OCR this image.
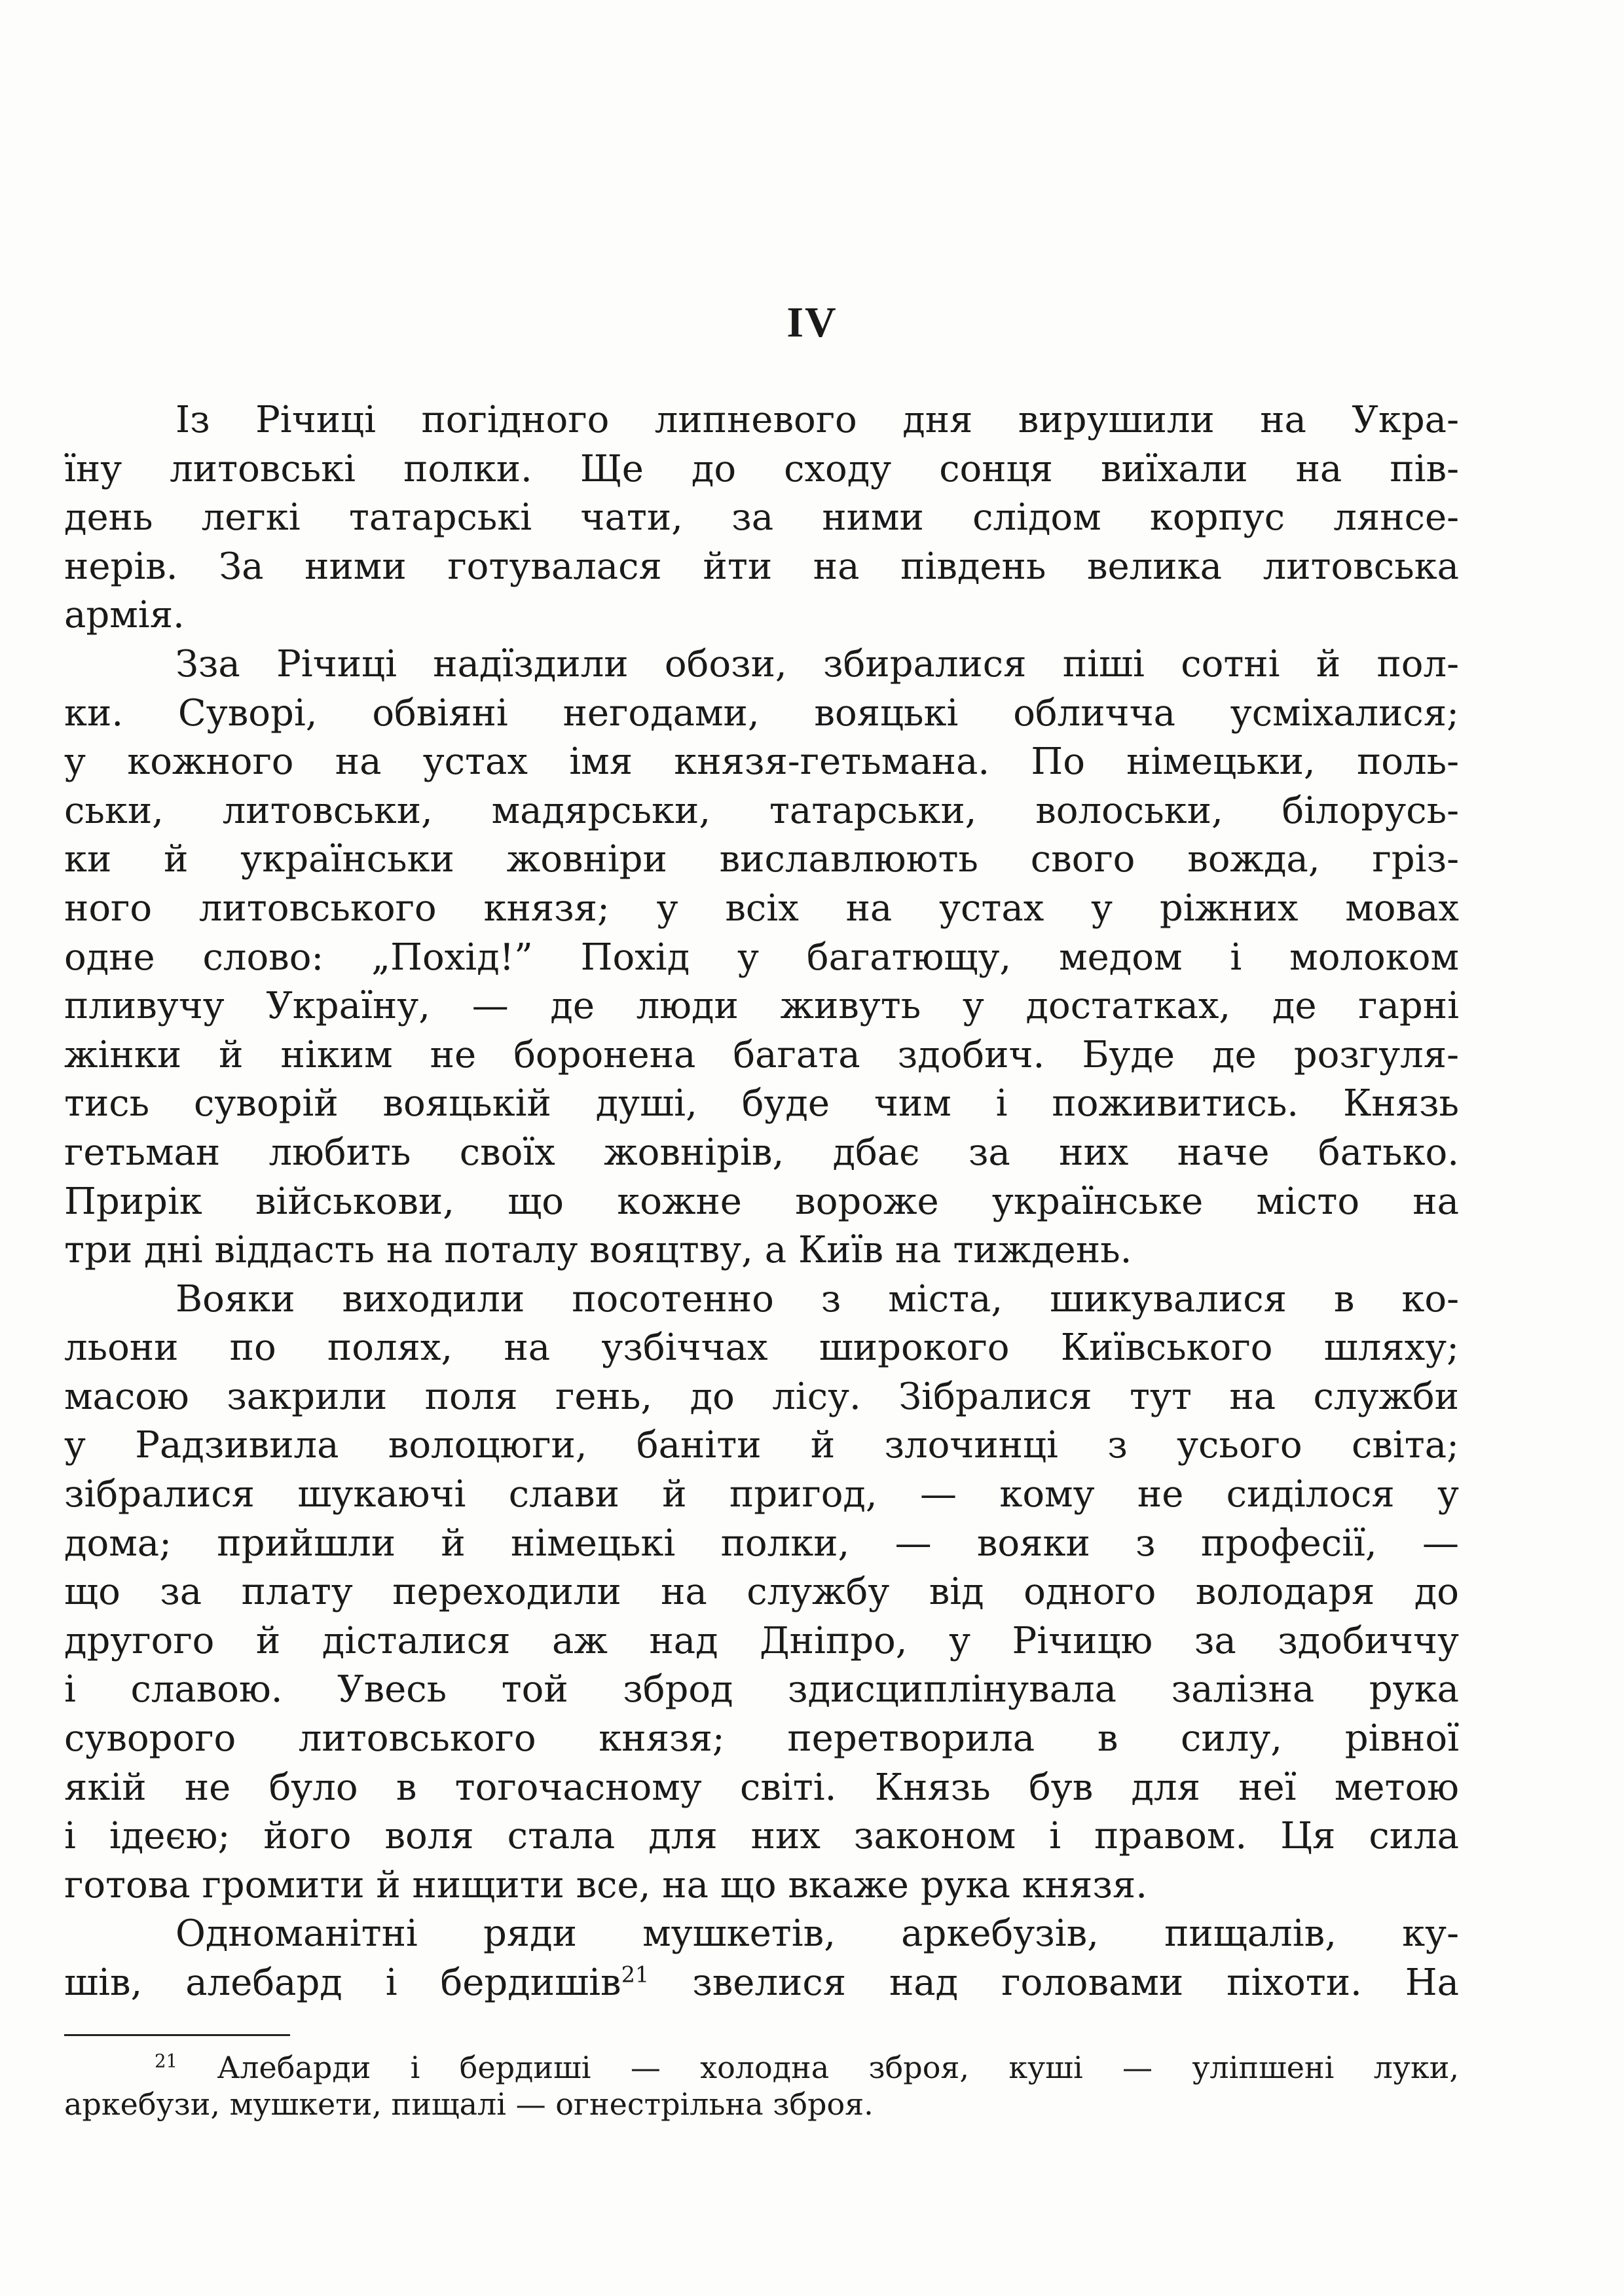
IV
Із Річиці погідного липневого дня вирушили на Укра-
їну литовські полки. Ще до сходу сонця виїхали на пів-
день легкі татарські чати, за ними слідом корпус лянсе-
нерів. За ними готувалася йти на південь велика литовська
армія.
Зза Річиці надїздили обози, збиралися піші сотні й пол-
ки. Суворі, обвіяні негодами, вояцькі обличча усміхалися;
у кожного на устах імя князя-гетьмана. По німецьки, поль-
ськи, литовськи, мадярськи, татарськи, волоськи, білорусь-
ки й українськи жовніри виславлюють свого вожда, гріз-
ного литовського князя; у всіх на устах у ріжних мовах
одне слово: „Похід!” Похід у багатющу, медом і молоком
пливучу Україну, — де люди живуть у достатках, де гарні
жінки й ніким не боронена багата здобич. Буде де розгуля-
тись суворій вояцькій душі, буде чим і поживитись. Князь
гетьман любить своїх жовнірів, дбає за них наче батько.
Прирік військови, що кожне вороже українське місто на
три дні віддасть на поталу вояцтву, а Київ на тиждень.
Вояки виходили посотенно з міста, шикувалися в ко-
льони по полях, на узбіччах широкого Київського шляху;
масою закрили поля гень, до лісу. Зібралися тут на служби
у Радзивила волоцюги, баніти й злочинці з усього світа;
зібралися шукаючі слави й пригод, — кому не сиділося у
дома; прийшли й німецькі полки, — вояки з професії, —
що за плату переходили на службу від одного володаря до
другого й дісталися аж над Дніпро, у Річицю за здобиччу
і славою. Увесь той зброд здисциплінувала залізна рука
суворого литовського князя; перетворила в силу, рівної
якій не було в тогочасному світі. Князь був для неї метою
і ідеєю; його воля стала для них законом і правом. Ця сила
готова громити й нищити все, на що вкаже рука князя.
Одноманітні ряди мушкетів, аркебузів, пищалів, ку-
шів, алебард і бердишів$^{21}$ звелися над головами піхоти. На
$^{21}$ Алебарди і бердиші — холодна зброя, куші — уліпшені луки,
аркебузи, мушкети, пищалі — огнестрільна зброя.
